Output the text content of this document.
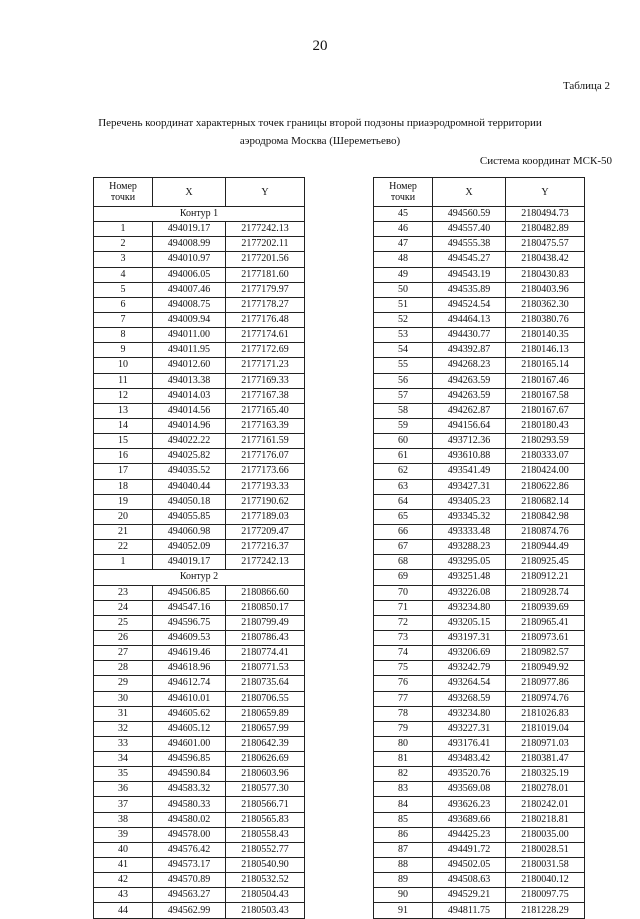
20
Таблица 2
Перечень координат характерных точек границы второй подзоны приаэродромной территории
аэродрома Москва (Шереметьево)
Система координат МСК-50
Номер точки	X	Y
Контур 1		
1	494019.17	2177242.13
2	494008.99	2177202.11
3	494010.97	2177201.56
4	494006.05	2177181.60
5	494007.46	2177179.97
6	494008.75	2177178.27
7	494009.94	2177176.48
8	494011.00	2177174.61
9	494011.95	2177172.69
10	494012.60	2177171.23
11	494013.38	2177169.33
12	494014.03	2177167.38
13	494014.56	2177165.40
14	494014.96	2177163.39
15	494022.22	2177161.59
16	494025.82	2177176.07
17	494035.52	2177173.66
18	494040.44	2177193.33
19	494050.18	2177190.62
20	494055.85	2177189.03
21	494060.98	2177209.47
22	494052.09	2177216.37
1	494019.17	2177242.13
Контур 2		
23	494506.85	2180866.60
24	494547.16	2180850.17
25	494596.75	2180799.49
26	494609.53	2180786.43
27	494619.46	2180774.41
28	494618.96	2180771.53
29	494612.74	2180735.64
30	494610.01	2180706.55
31	494605.62	2180659.89
32	494605.12	2180657.99
33	494601.00	2180642.39
34	494596.85	2180626.69
35	494590.84	2180603.96
36	494583.32	2180577.30
37	494580.33	2180566.71
38	494580.02	2180565.83
39	494578.00	2180558.43
40	494576.42	2180552.77
41	494573.17	2180540.90
42	494570.89	2180532.52
43	494563.27	2180504.43
44	494562.99	2180503.43
Номер точки	X	Y
45	494560.59	2180494.73
46	494557.40	2180482.89
47	494555.38	2180475.57
48	494545.27	2180438.42
49	494543.19	2180430.83
50	494535.89	2180403.96
51	494524.54	2180362.30
52	494464.13	2180380.76
53	494430.77	2180140.35
54	494392.87	2180146.13
55	494268.23	2180165.14
56	494263.59	2180167.46
57	494263.59	2180167.58
58	494262.87	2180167.67
59	494156.64	2180180.43
60	493712.36	2180293.59
61	493610.88	2180333.07
62	493541.49	2180424.00
63	493427.31	2180622.86
64	493405.23	2180682.14
65	493345.32	2180842.98
66	493333.48	2180874.76
67	493288.23	2180944.49
68	493295.05	2180925.45
69	493251.48	2180912.21
70	493226.08	2180928.74
71	493234.80	2180939.69
72	493205.15	2180965.41
73	493197.31	2180973.61
74	493206.69	2180982.57
75	493242.79	2180949.92
76	493264.54	2180977.86
77	493268.59	2180974.76
78	493234.80	2181026.83
79	493227.31	2181019.04
80	493176.41	2180971.03
81	493483.42	2180381.47
82	493520.76	2180325.19
83	493569.08	2180278.01
84	493626.23	2180242.01
85	493689.66	2180218.81
86	494425.23	2180035.00
87	494491.72	2180028.51
88	494502.05	2180031.58
89	494508.63	2180040.12
90	494529.21	2180097.75
91	494811.75	2181228.29
